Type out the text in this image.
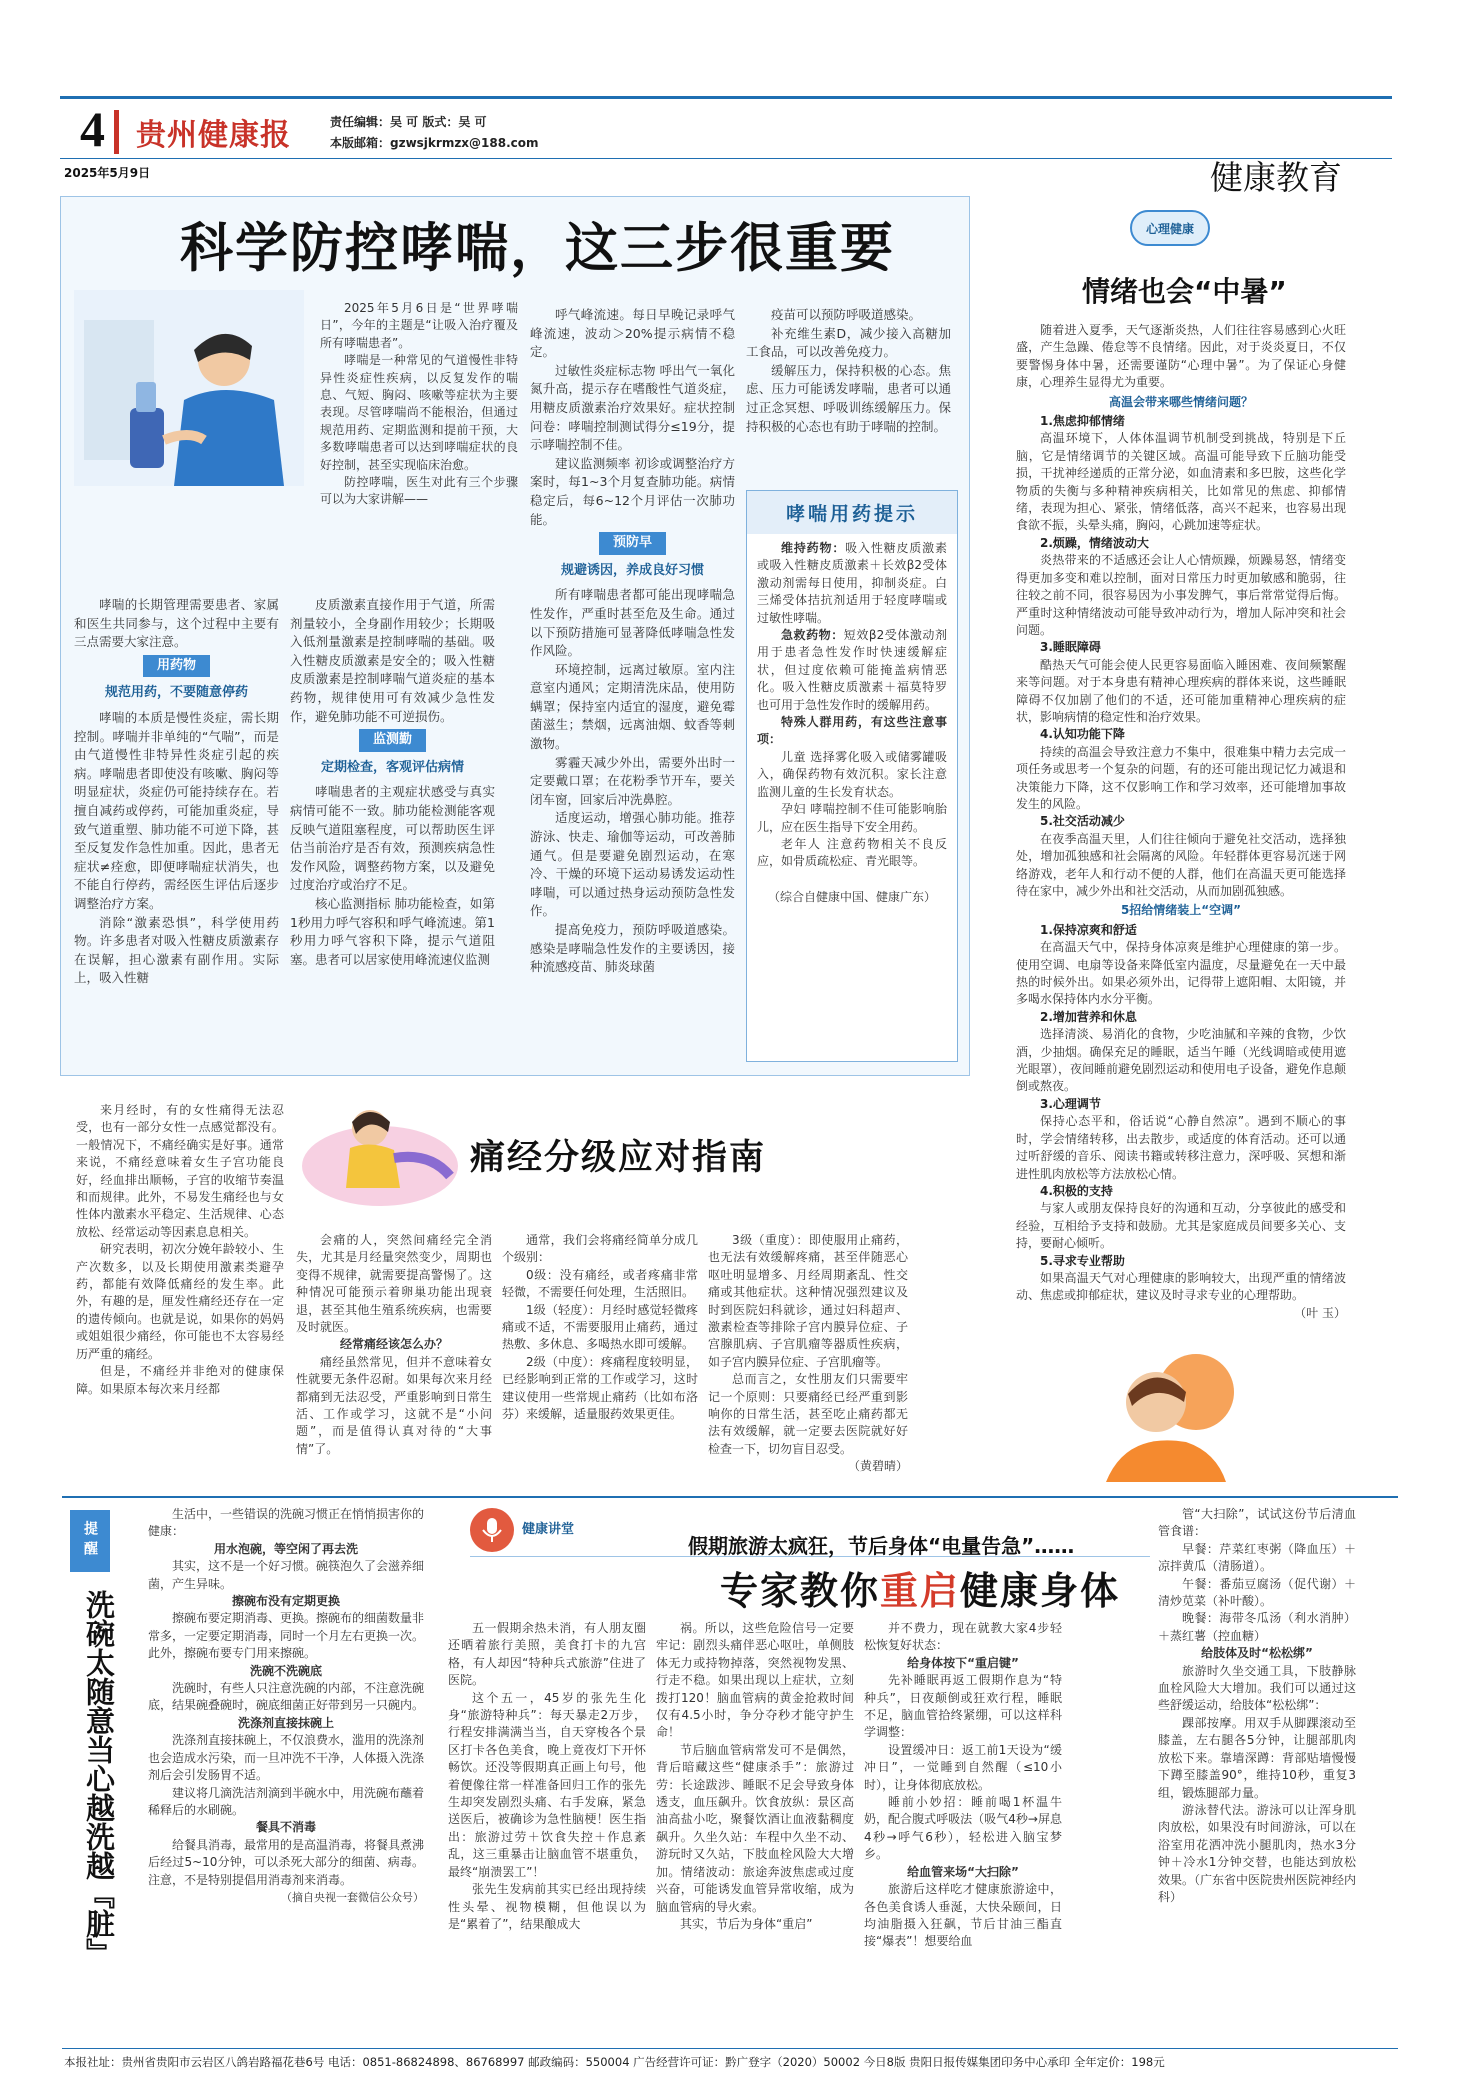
4 贵州健康报	责任编辑：吴 可 版式：吴 可
本版邮箱：gzwsjkrmzx@188.com
2025年5月9日	健康教育
科学防控哮喘，这三步很重要

2025年5月6日是“世界哮喘日”，今年的主题是“让吸入治疗覆及所有哮喘患者”。

哮喘是一种常见的气道慢性非特异性炎症性疾病，以反复发作的喘息、气短、胸闷、咳嗽等症状为主要表现。尽管哮喘尚不能根治，但通过规范用药、定期监测和提前干预，大多数哮喘患者可以达到哮喘症状的良好控制，甚至实现临床治愈。

防控哮喘，医生对此有三个步骤可以为大家讲解——

哮喘的长期管理需要患者、家属和医生共同参与，这个过程中主要有三点需要大家注意。

用药物
规范用药，不要随意停药

哮喘的本质是慢性炎症，需长期控制。哮喘并非单纯的“气喘”，而是由气道慢性非特异性炎症引起的疾病。哮喘患者即使没有咳嗽、胸闷等明显症状，炎症仍可能持续存在。若擅自减药或停药，可能加重炎症，导致气道重塑、肺功能不可逆下降，甚至反复发作急性加重。因此，患者无症状≠痊愈，即便哮喘症状消失，也不能自行停药，需经医生评估后逐步调整治疗方案。

消除“激素恐惧”，科学使用药物。许多患者对吸入性糖皮质激素存在误解，担心激素有副作用。实际上，吸入性糖

皮质激素直接作用于气道，所需剂量较小，全身副作用较少；长期吸入低剂量激素是控制哮喘的基础。吸入性糖皮质激素是安全的；吸入性糖皮质激素是控制哮喘气道炎症的基本药物，规律使用可有效减少急性发作，避免肺功能不可逆损伤。

监测勤
定期检查，客观评估病情

哮喘患者的主观症状感受与真实病情可能不一致。肺功能检测能客观反映气道阻塞程度，可以帮助医生评估当前治疗是否有效，预测疾病急性发作风险，调整药物方案，以及避免过度治疗或治疗不足。

核心监测指标 肺功能检查，如第1秒用力呼气容积和呼气峰流速。第1秒用力呼气容积下降，提示气道阻塞。患者可以居家使用峰流速仪监测

呼气峰流速。每日早晚记录呼气峰流速，波动＞20%提示病情不稳定。

过敏性炎症标志物 呼出气一氧化氮升高，提示存在嗜酸性气道炎症，用糖皮质激素治疗效果好。症状控制问卷：哮喘控制测试得分≤19分，提示哮喘控制不佳。

建议监测频率 初诊或调整治疗方案时，每1~3个月复查肺功能。病情稳定后，每6~12个月评估一次肺功能。

预防早
规避诱因，养成良好习惯

所有哮喘患者都可能出现哮喘急性发作，严重时甚至危及生命。通过以下预防措施可显著降低哮喘急性发作风险。

环境控制，远离过敏原。室内注意室内通风；定期清洗床品，使用防螨罩；保持室内适宜的湿度，避免霉菌滋生；禁烟，远离油烟、蚊香等刺激物。

雾霾天减少外出，需要外出时一定要戴口罩；在花粉季节开车，要关闭车窗，回家后冲洗鼻腔。

适度运动，增强心肺功能。推荐游泳、快走、瑜伽等运动，可改善肺通气。但是要避免剧烈运动，在寒冷、干燥的环境下运动易诱发运动性哮喘，可以通过热身运动预防急性发作。

提高免疫力，预防呼吸道感染。感染是哮喘急性发作的主要诱因，接种流感疫苗、肺炎球菌

疫苗可以预防呼吸道感染。

补充维生素D，减少接入高糖加工食品，可以改善免疫力。

缓解压力，保持积极的心态。焦虑、压力可能诱发哮喘，患者可以通过正念冥想、呼吸训练缓解压力。保持积极的心态也有助于哮喘的控制。

哮喘用药提示

维持药物：吸入性糖皮质激素或吸入性糖皮质激素＋长效β2受体激动剂需每日使用，抑制炎症。白三烯受体拮抗剂适用于轻度哮喘或过敏性哮喘。

急救药物：短效β2受体激动剂用于患者急性发作时快速缓解症状，但过度依赖可能掩盖病情恶化。吸入性糖皮质激素＋福莫特罗也可用于急性发作时的缓解用药。

特殊人群用药，有这些注意事项：

儿童 选择雾化吸入或储雾罐吸入，确保药物有效沉积。家长注意监测儿童的生长发育状态。

孕妇 哮喘控制不佳可能影响胎儿，应在医生指导下安全用药。

老年人 注意药物相关不良反应，如骨质疏松症、青光眼等。

（综合自健康中国、健康广东）
心理健康
情绪也会“中暑”

随着进入夏季，天气逐渐炎热，人们往往容易感到心火旺盛，产生急躁、倦怠等不良情绪。因此，对于炎炎夏日，不仅要警惕身体中暑，还需要谨防“心理中暑”。为了保证心身健康，心理养生显得尤为重要。

高温会带来哪些情绪问题？
1.焦虑抑郁情绪

高温环境下，人体体温调节机制受到挑战，特别是下丘脑，它是情绪调节的关键区域。高温可能导致下丘脑功能受损，干扰神经递质的正常分泌，如血清素和多巴胺，这些化学物质的失衡与多种精神疾病相关，比如常见的焦虑、抑郁情绪，表现为担心、紧张，情绪低落，高兴不起来，也容易出现食欲不振，头晕头痛，胸闷，心跳加速等症状。

2.烦躁，情绪波动大

炎热带来的不适感还会让人心情烦躁，烦躁易怒，情绪变得更加多变和难以控制，面对日常压力时更加敏感和脆弱，往往较之前不同，很容易因为小事发脾气，事后常常觉得后悔。严重时这种情绪波动可能导致冲动行为，增加人际冲突和社会问题。

3.睡眠障碍

酷热天气可能会使人民更容易面临入睡困难、夜间频繁醒来等问题。对于本身患有精神心理疾病的群体来说，这些睡眠障碍不仅加剧了他们的不适，还可能加重精神心理疾病的症状，影响病情的稳定性和治疗效果。

4.认知功能下降

持续的高温会导致注意力不集中，很难集中精力去完成一项任务或思考一个复杂的问题，有的还可能出现记忆力减退和决策能力下降，这不仅影响工作和学习效率，还可能增加事故发生的风险。

5.社交活动减少

在夜季高温天里，人们往往倾向于避免社交活动，选择独处，增加孤独感和社会隔离的风险。年轻群体更容易沉迷于网络游戏，老年人和行动不便的人群，他们在高温天更可能选择待在家中，减少外出和社交活动，从而加剧孤独感。

5招给情绪装上“空调”
1.保持凉爽和舒适

在高温天气中，保持身体凉爽是维护心理健康的第一步。使用空调、电扇等设备来降低室内温度，尽量避免在一天中最热的时候外出。如果必须外出，记得带上遮阳帽、太阳镜，并多喝水保持体内水分平衡。

2.增加营养和休息

选择清淡、易消化的食物，少吃油腻和辛辣的食物，少饮酒，少抽烟。确保充足的睡眠，适当午睡（光线调暗或使用遮光眼罩），夜间睡前避免剧烈运动和使用电子设备，避免作息颠倒或熬夜。

3.心理调节

保持心态平和，俗话说“心静自然凉”。遇到不顺心的事时，学会情绪转移，出去散步，或适度的体育活动。还可以通过听舒缓的音乐、阅读书籍或转移注意力，深呼吸、冥想和渐进性肌肉放松等方法放松心情。

4.积极的支持

与家人或朋友保持良好的沟通和互动，分享彼此的感受和经验，互相给予支持和鼓励。尤其是家庭成员间要多关心、支持，要耐心倾听。

5.寻求专业帮助

如果高温天气对心理健康的影响较大，出现严重的情绪波动、焦虑或抑郁症状，建议及时寻求专业的心理帮助。

（叶 玉）
痛经分级应对指南

来月经时，有的女性痛得无法忍受，也有一部分女性一点感觉都没有。一般情况下，不痛经确实是好事。通常来说，不痛经意味着女生子宫功能良好，经血排出顺畅，子宫的收缩节奏温和而规律。此外，不易发生痛经也与女性体内激素水平稳定、生活规律、心态放松、经常运动等因素息息相关。

研究表明，初次分娩年龄较小、生产次数多，以及长期使用激素类避孕药，都能有效降低痛经的发生率。此外，有趣的是，厘发性痛经还存在一定的遗传倾向。也就是说，如果你的妈妈或姐姐很少痛经，你可能也不太容易经历严重的痛经。

但是，不痛经并非绝对的健康保障。如果原本每次来月经都

会痛的人，突然间痛经完全消失，尤其是月经量突然变少，周期也变得不规律，就需要提高警惕了。这种情况可能预示着卵巢功能出现衰退，甚至其他生殖系统疾病，也需要及时就医。

经常痛经该怎么办？

痛经虽然常见，但并不意味着女性就要无条件忍耐。如果每次来月经都痛到无法忍受，严重影响到日常生活、工作或学习，这就不是“小问题”，而是值得认真对待的“大事情”了。

通常，我们会将痛经简单分成几个级别：

0级：没有痛经，或者疼痛非常轻微，不需要任何处理，生活照旧。

1级（轻度）：月经时感觉轻微疼痛或不适，不需要服用止痛药，通过热敷、多休息、多喝热水即可缓解。

2级（中度）：疼痛程度较明显，已经影响到正常的工作或学习，这时建议使用一些常规止痛药（比如布洛芬）来缓解，适量服药效果更佳。

3级（重度）：即使服用止痛药，也无法有效缓解疼痛，甚至伴随恶心呕吐明显增多、月经周期紊乱、性交痛或其他症状。这种情况强烈建议及时到医院妇科就诊，通过妇科超声、激素检查等排除子宫内膜异位症、子宫腺肌病、子宫肌瘤等器质性疾病，如子宫内膜异位症、子宫肌瘤等。

总而言之，女性朋友们只需要牢记一个原则：只要痛经已经严重到影响你的日常生活，甚至吃止痛药都无法有效缓解，就一定要去医院就好好检查一下，切勿盲目忍受。

（黄碧晴）
提醒
洗碗太随意当心越洗越『脏』

生活中，一些错误的洗碗习惯正在悄悄损害你的健康：

用水泡碗，等空闲了再去洗

其实，这不是一个好习惯。碗筷泡久了会滋养细菌，产生异味。

擦碗布没有定期更换

擦碗布要定期消毒、更换。擦碗布的细菌数量非常多，一定要定期消毒，同时一个月左右更换一次。此外，擦碗布要专门用来擦碗。

洗碗不洗碗底

洗碗时，有些人只注意洗碗的内部，不注意洗碗底，结果碗叠碗时，碗底细菌正好带到另一只碗内。

洗涤剂直接抹碗上

洗涤剂直接抹碗上，不仅浪费水，滥用的洗涤剂也会造成水污染，而一旦冲洗不干净，人体摄入洗涤剂后会引发肠胃不适。

建议将几滴洗洁剂滴到半碗水中，用洗碗布蘸着稀释后的水刷碗。

餐具不消毒

给餐具消毒，最常用的是高温消毒，将餐具煮沸后经过5~10分钟，可以杀死大部分的细菌、病毒。注意，不是特别提倡用消毒剂来消毒。

（摘自央视一套微信公众号）
健康讲堂
假期旅游太疯狂，节后身体“电量告急”……
专家教你重启健康身体

五一假期余热未消，有人朋友圈还晒着旅行美照，美食打卡的九宫格，有人却因“特种兵式旅游”住进了医院。

这个五一，45岁的张先生化身“旅游特种兵”：每天暴走2万步，行程安排满满当当，自天穿梭各个景区打卡各色美食，晚上竟夜灯下开怀畅饮。还没等假期真正画上句号，他着便像往常一样准备回归工作的张先生却突发剧烈头痛、右手发麻，紧急送医后，被确诊为急性脑梗！医生指出：旅游过劳＋饮食失控＋作息紊乱，这三重暴击让脑血管不堪重负，最终“崩溃罢工”！

张先生发病前其实已经出现持续性头晕、视物模糊，但他误以为是“累着了”，结果酿成大

祸。所以，这些危险信号一定要牢记：剧烈头痛伴恶心呕吐，单侧肢体无力或持物掉落，突然视物发黑、行走不稳。如果出现以上症状，立刻拨打120！脑血管病的黄金抢救时间仅有4.5小时，争分夺秒才能守护生命！

节后脑血管病常发可不是偶然，背后暗藏这些“健康杀手”：旅游过劳：长途跋涉、睡眠不足会导致身体透支，血压飙升。饮食放纵：景区高油高盐小吃，聚餐饮酒让血液黏稠度飙升。久坐久站：车程中久坐不动、游玩时又久站，下肢血栓风险大大增加。情绪波动：旅途奔波焦虑或过度兴奋，可能诱发血管异常收缩，成为脑血管病的导火索。

其实，节后为身体“重启”

并不费力，现在就教大家4步轻松恢复好状态：

给身体按下“重启键”

先补睡眠再返工假期作息为“特种兵”，日夜颠倒或狂欢行程，睡眠不足，脑血管拾终紧绷，可以这样科学调整：

设置缓冲日：返工前1天设为“缓冲日”，一觉睡到自然醒（≤10小时），让身体彻底放松。

睡前小妙招：睡前喝1杯温牛奶，配合腹式呼吸法（吸气4秒→屏息4秒→呼气6秒），轻松进入脑宝梦乡。

给血管来场“大扫除”

旅游后这样吃才健康旅游途中，各色美食诱人垂涎，大快朵颐间，日均油脂摄入狂飙，节后甘油三酯直接“爆表”！想要给血

管“大扫除”，试试这份节后清血管食谱：

早餐：芹菜红枣粥（降血压）＋凉拌黄瓜（清肠道）。

午餐：番茄豆腐汤（促代谢）＋清炒苋菜（补叶酸）。

晚餐：海带冬瓜汤（利水消肿）＋蒸红薯（控血糖）

给肢体及时“松松绑”

旅游时久坐交通工具，下肢静脉血栓风险大大增加。我们可以通过这些舒缓运动，给肢体“松松绑”：

踝部按摩。用双手从脚踝滚动至膝盖，左右腿各5分钟，让腿部肌肉放松下来。靠墙深蹲：背部贴墙慢慢下蹲至膝盖90°，维持10秒，重复3组，锻炼腿部力量。

游泳替代法。游泳可以让浑身肌肉放松，如果没有时间游泳，可以在浴室用花洒冲洗小腿肌肉，热水3分钟＋冷水1分钟交替，也能达到放松效果。（广东省中医院贵州医院神经内科）

本报社址：贵州省贵阳市云岩区八鸽岩路福花巷6号 电话：0851-86824898、86768997 邮政编码：550004 广告经营许可证：黔广登字（2020）50002 今日8版 贵阳日报传媒集团印务中心承印 全年定价：198元
